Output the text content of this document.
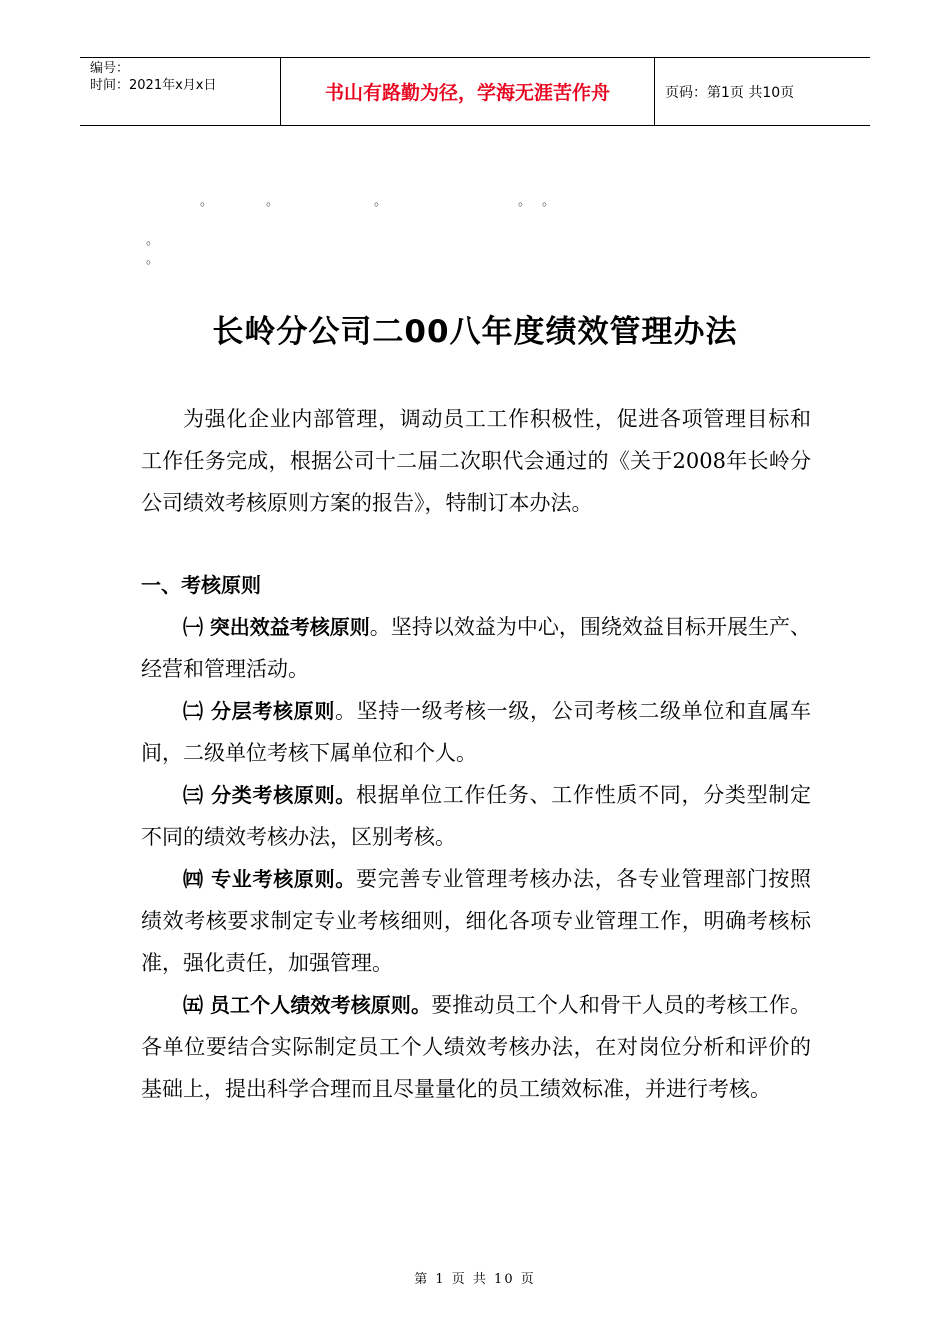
编号：
时间：2021年x月x日	书山有路勤为径，学海无涯苦作舟	页码：第1页 共10页
。	。	。	。 。
。
。
长岭分公司二00八年度绩效管理办法

为强化企业内部管理，调动员工工作积极性，促进各项管理目标和工作任务完成，根据公司十二届二次职代会通过的《关于2008年长岭分公司绩效考核原则方案的报告》，特制订本办法。

一、考核原则

㈠ 突出效益考核原则。坚持以效益为中心，围绕效益目标开展生产、经营和管理活动。

㈡ 分层考核原则。坚持一级考核一级，公司考核二级单位和直属车间，二级单位考核下属单位和个人。

㈢ 分类考核原则。根据单位工作任务、工作性质不同，分类型制定不同的绩效考核办法，区别考核。

㈣ 专业考核原则。要完善专业管理考核办法，各专业管理部门按照绩效考核要求制定专业考核细则，细化各项专业管理工作，明确考核标准，强化责任，加强管理。

㈤ 员工个人绩效考核原则。要推动员工个人和骨干人员的考核工作。各单位要结合实际制定员工个人绩效考核办法，在对岗位分析和评价的基础上，提出科学合理而且尽量量化的员工绩效标准，并进行考核。

第 1 页 共 10 页
